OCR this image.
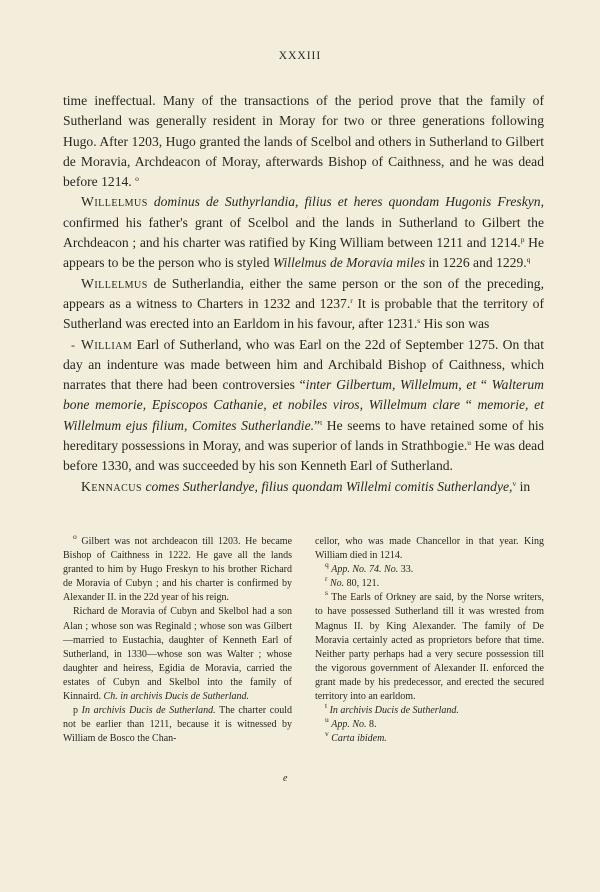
XXXIII

time ineffectual. Many of the transactions of the period prove that the family of Sutherland was generally resident in Moray for two or three generations following Hugo. After 1203, Hugo granted the lands of Scelbol and others in Sutherland to Gilbert de Moravia, Archdeacon of Moray, afterwards Bishop of Caithness, and he was dead before 1214. $^o$

Willelmus dominus de Suthyrlandia, filius et heres quondam Hugonis Freskyn, confirmed his father's grant of Scelbol and the lands in Sutherland to Gilbert the Archdeacon ; and his charter was ratified by King William between 1211 and 1214.$^p$ He appears to be the person who is styled Willelmus de Moravia miles in 1226 and 1229.$^q$

Willelmus de Sutherlandia, either the same person or the son of the preceding, appears as a witness to Charters in 1232 and 1237.$^r$ It is probable that the territory of Sutherland was erected into an Earldom in his favour, after 1231.$^s$ His son was

- William Earl of Sutherland, who was Earl on the 22d of September 1275. On that day an indenture was made between him and Archibald Bishop of Caithness, which narrates that there had been controversies “inter Gilbertum, Willelmum, et “ Walterum bone memorie, Episcopos Cathanie, et nobiles viros, Willelmum clare “ memorie, et Willelmum ejus filium, Comites Sutherlandie.”$^t$ He seems to have retained some of his hereditary possessions in Moray, and was superior of lands in Strathbogie.$^u$ He was dead before 1330, and was succeeded by his son Kenneth Earl of Sutherland.

Kennacus comes Sutherlandye, filius quondam Willelmi comitis Sutherlandye,$^v$ in

$^o$ Gilbert was not archdeacon till 1203. He became Bishop of Caithness in 1222. He gave all the lands granted to him by Hugo Freskyn to his brother Richard de Moravia of Cubyn ; and his charter is confirmed by Alexander II. in the 22d year of his reign.

Richard de Moravia of Cubyn and Skelbol had a son Alan ; whose son was Reginald ; whose son was Gilbert—married to Eustachia, daughter of Kenneth Earl of Sutherland, in 1330—whose son was Walter ; whose daughter and heiress, Egidia de Moravia, carried the estates of Cubyn and Skelbol into the family of Kinnaird. Ch. in archivis Ducis de Sutherland.

p In archivis Ducis de Sutherland. The charter could not be earlier than 1211, because it is witnessed by William de Bosco the Chan-

cellor, who was made Chancellor in that year. King William died in 1214.

$^q$ App. No. 74. No. 33.

$^r$ No. 80, 121.

$^s$ The Earls of Orkney are said, by the Norse writers, to have possessed Sutherland till it was wrested from Magnus II. by King Alexander. The family of De Moravia certainly acted as proprietors before that time. Neither party perhaps had a very secure possession till the vigorous government of Alexander II. enforced the grant made by his predecessor, and erected the secured territory into an earldom.

$^t$ In archivis Ducis de Sutherland.

$^u$ App. No. 8.

$^v$ Carta ibidem.

e
